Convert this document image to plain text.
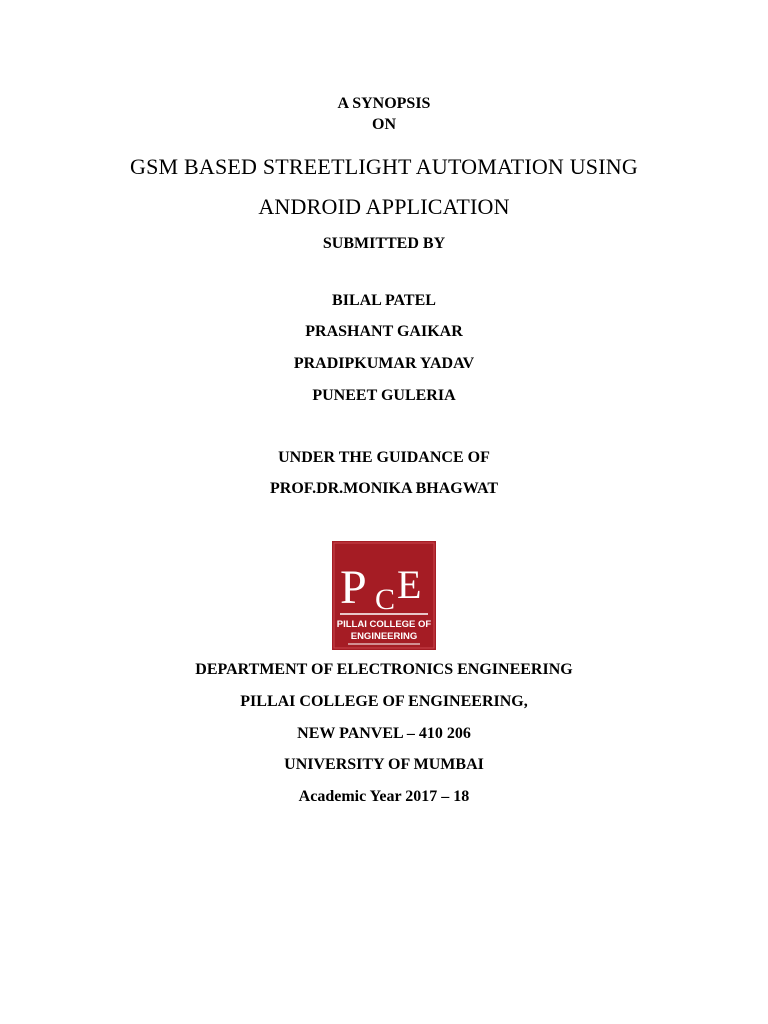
A SYNOPSIS
ON
GSM BASED STREETLIGHT AUTOMATION USING
ANDROID APPLICATION
SUBMITTED BY
BILAL PATEL
PRASHANT GAIKAR
PRADIPKUMAR YADAV
PUNEET GULERIA
UNDER THE GUIDANCE OF
PROF.DR.MONIKA BHAGWAT
P C E
PILLAI COLLEGE OF
ENGINEERING
DEPARTMENT OF ELECTRONICS ENGINEERING
PILLAI COLLEGE OF ENGINEERING,
NEW PANVEL – 410 206
UNIVERSITY OF MUMBAI
Academic Year 2017 – 18
